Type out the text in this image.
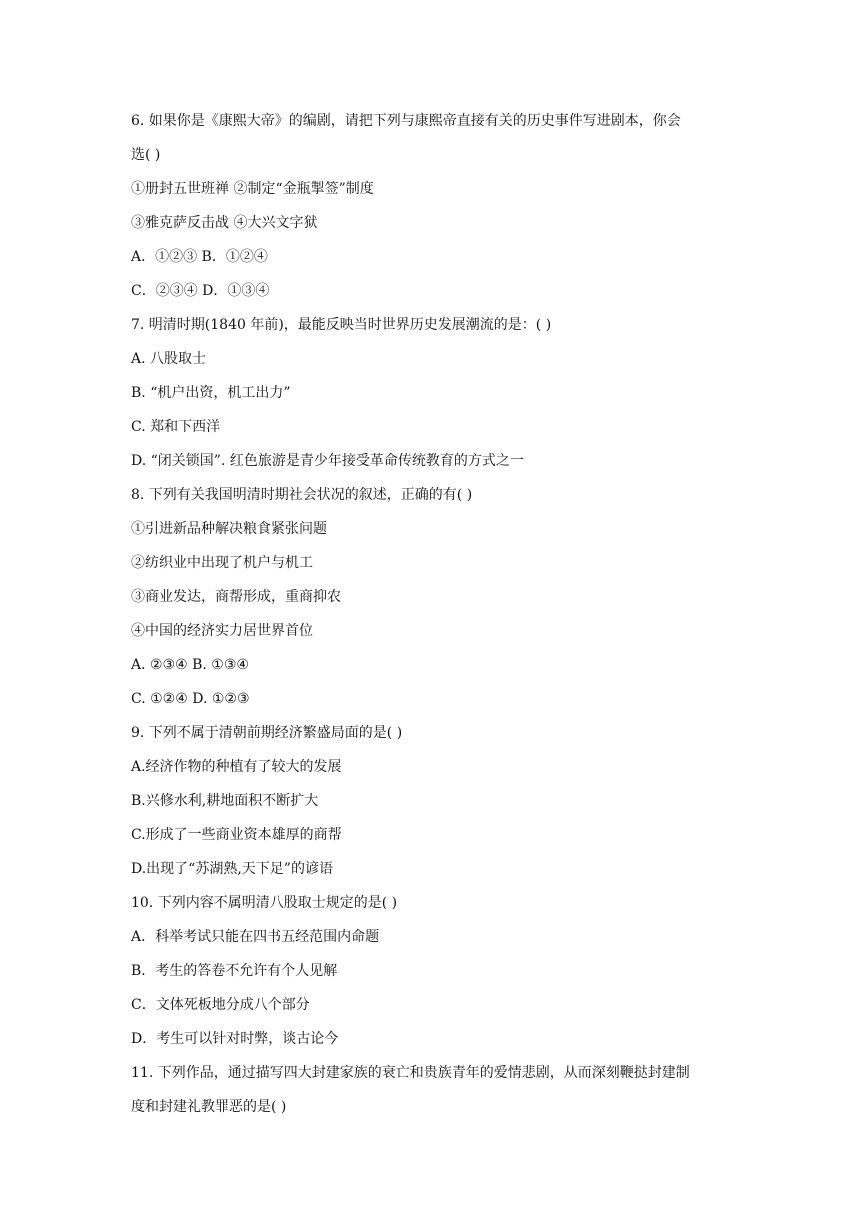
6. 如果你是《康熙大帝》的编剧，请把下列与康熙帝直接有关的历史事件写进剧本，你会
选( )
①册封五世班禅 ②制定“金瓶掣签”制度
③雅克萨反击战 ④大兴文字狱
A．①②③ B．①②④
C．②③④ D．①③④
7. 明清时期(1840 年前)，最能反映当时世界历史发展潮流的是：( )
A. 八股取士
B. “机户出资，机工出力”
C. 郑和下西洋
D. “闭关锁国”. 红色旅游是青少年接受革命传统教育的方式之一
8. 下列有关我国明清时期社会状况的叙述，正确的有( )
①引进新品种解决粮食紧张问题
②纺织业中出现了机户与机工
③商业发达，商帮形成，重商抑农
④中国的经济实力居世界首位
A. ②③④ B. ①③④
C. ①②④ D. ①②③
9. 下列不属于清朝前期经济繁盛局面的是( )
A.经济作物的种植有了较大的发展
B.兴修水利,耕地面积不断扩大
C.形成了一些商业资本雄厚的商帮
D.出现了“苏湖熟,天下足”的谚语
10. 下列内容不属明清八股取士规定的是( )
A．科举考试只能在四书五经范围内命题
B．考生的答卷不允许有个人见解
C．文体死板地分成八个部分
D．考生可以针对时弊，谈古论今
11. 下列作品，通过描写四大封建家族的衰亡和贵族青年的爱情悲剧，从而深刻鞭挞封建制
度和封建礼教罪恶的是( )
